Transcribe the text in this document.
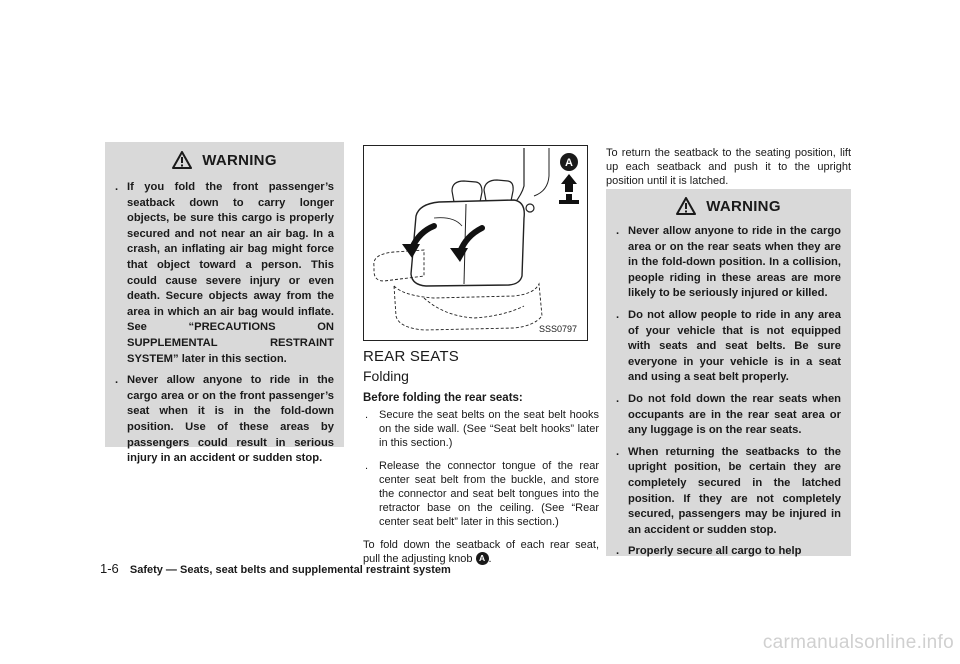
WARNING
. If you fold the front passenger’s seatback down to carry longer objects, be sure this cargo is properly secured and not near an air bag. In a crash, an inflating air bag might force that object toward a person. This could cause severe injury or even death. Secure objects away from the area in which an air bag would inflate. See “PRECAUTIONS ON SUPPLEMENTAL RESTRAINT SYSTEM” later in this section.
. Never allow anyone to ride in the cargo area or on the front passenger’s seat when it is in the fold-down position. Use of these areas by passengers could result in serious injury in an accident or sudden stop.
A
SSS0797
REAR SEATS
Folding
Before folding the rear seats:
. Secure the seat belts on the seat belt hooks on the side wall. (See “Seat belt hooks” later in this section.)
. Release the connector tongue of the rear center seat belt from the buckle, and store the connector and seat belt tongues into the retractor base on the ceiling. (See “Rear center seat belt” later in this section.)
To fold down the seatback of each rear seat, pull the adjusting knob A .
To return the seatback to the seating position, lift up each seatback and push it to the upright position until it is latched.
WARNING
. Never allow anyone to ride in the cargo area or on the rear seats when they are in the fold-down position. In a collision, people riding in these areas are more likely to be seriously injured or killed.
. Do not allow people to ride in any area of your vehicle that is not equipped with seats and seat belts. Be sure everyone in your vehicle is in a seat and using a seat belt properly.
. Do not fold down the rear seats when occupants are in the rear seat area or any luggage is on the rear seats.
. When returning the seatbacks to the upright position, be certain they are completely secured in the latched position. If they are not completely secured, passengers may be injured in an accident or sudden stop.
. Properly secure all cargo to help
1-6 Safety — Seats, seat belts and supplemental restraint system
carmanualsonline.info
